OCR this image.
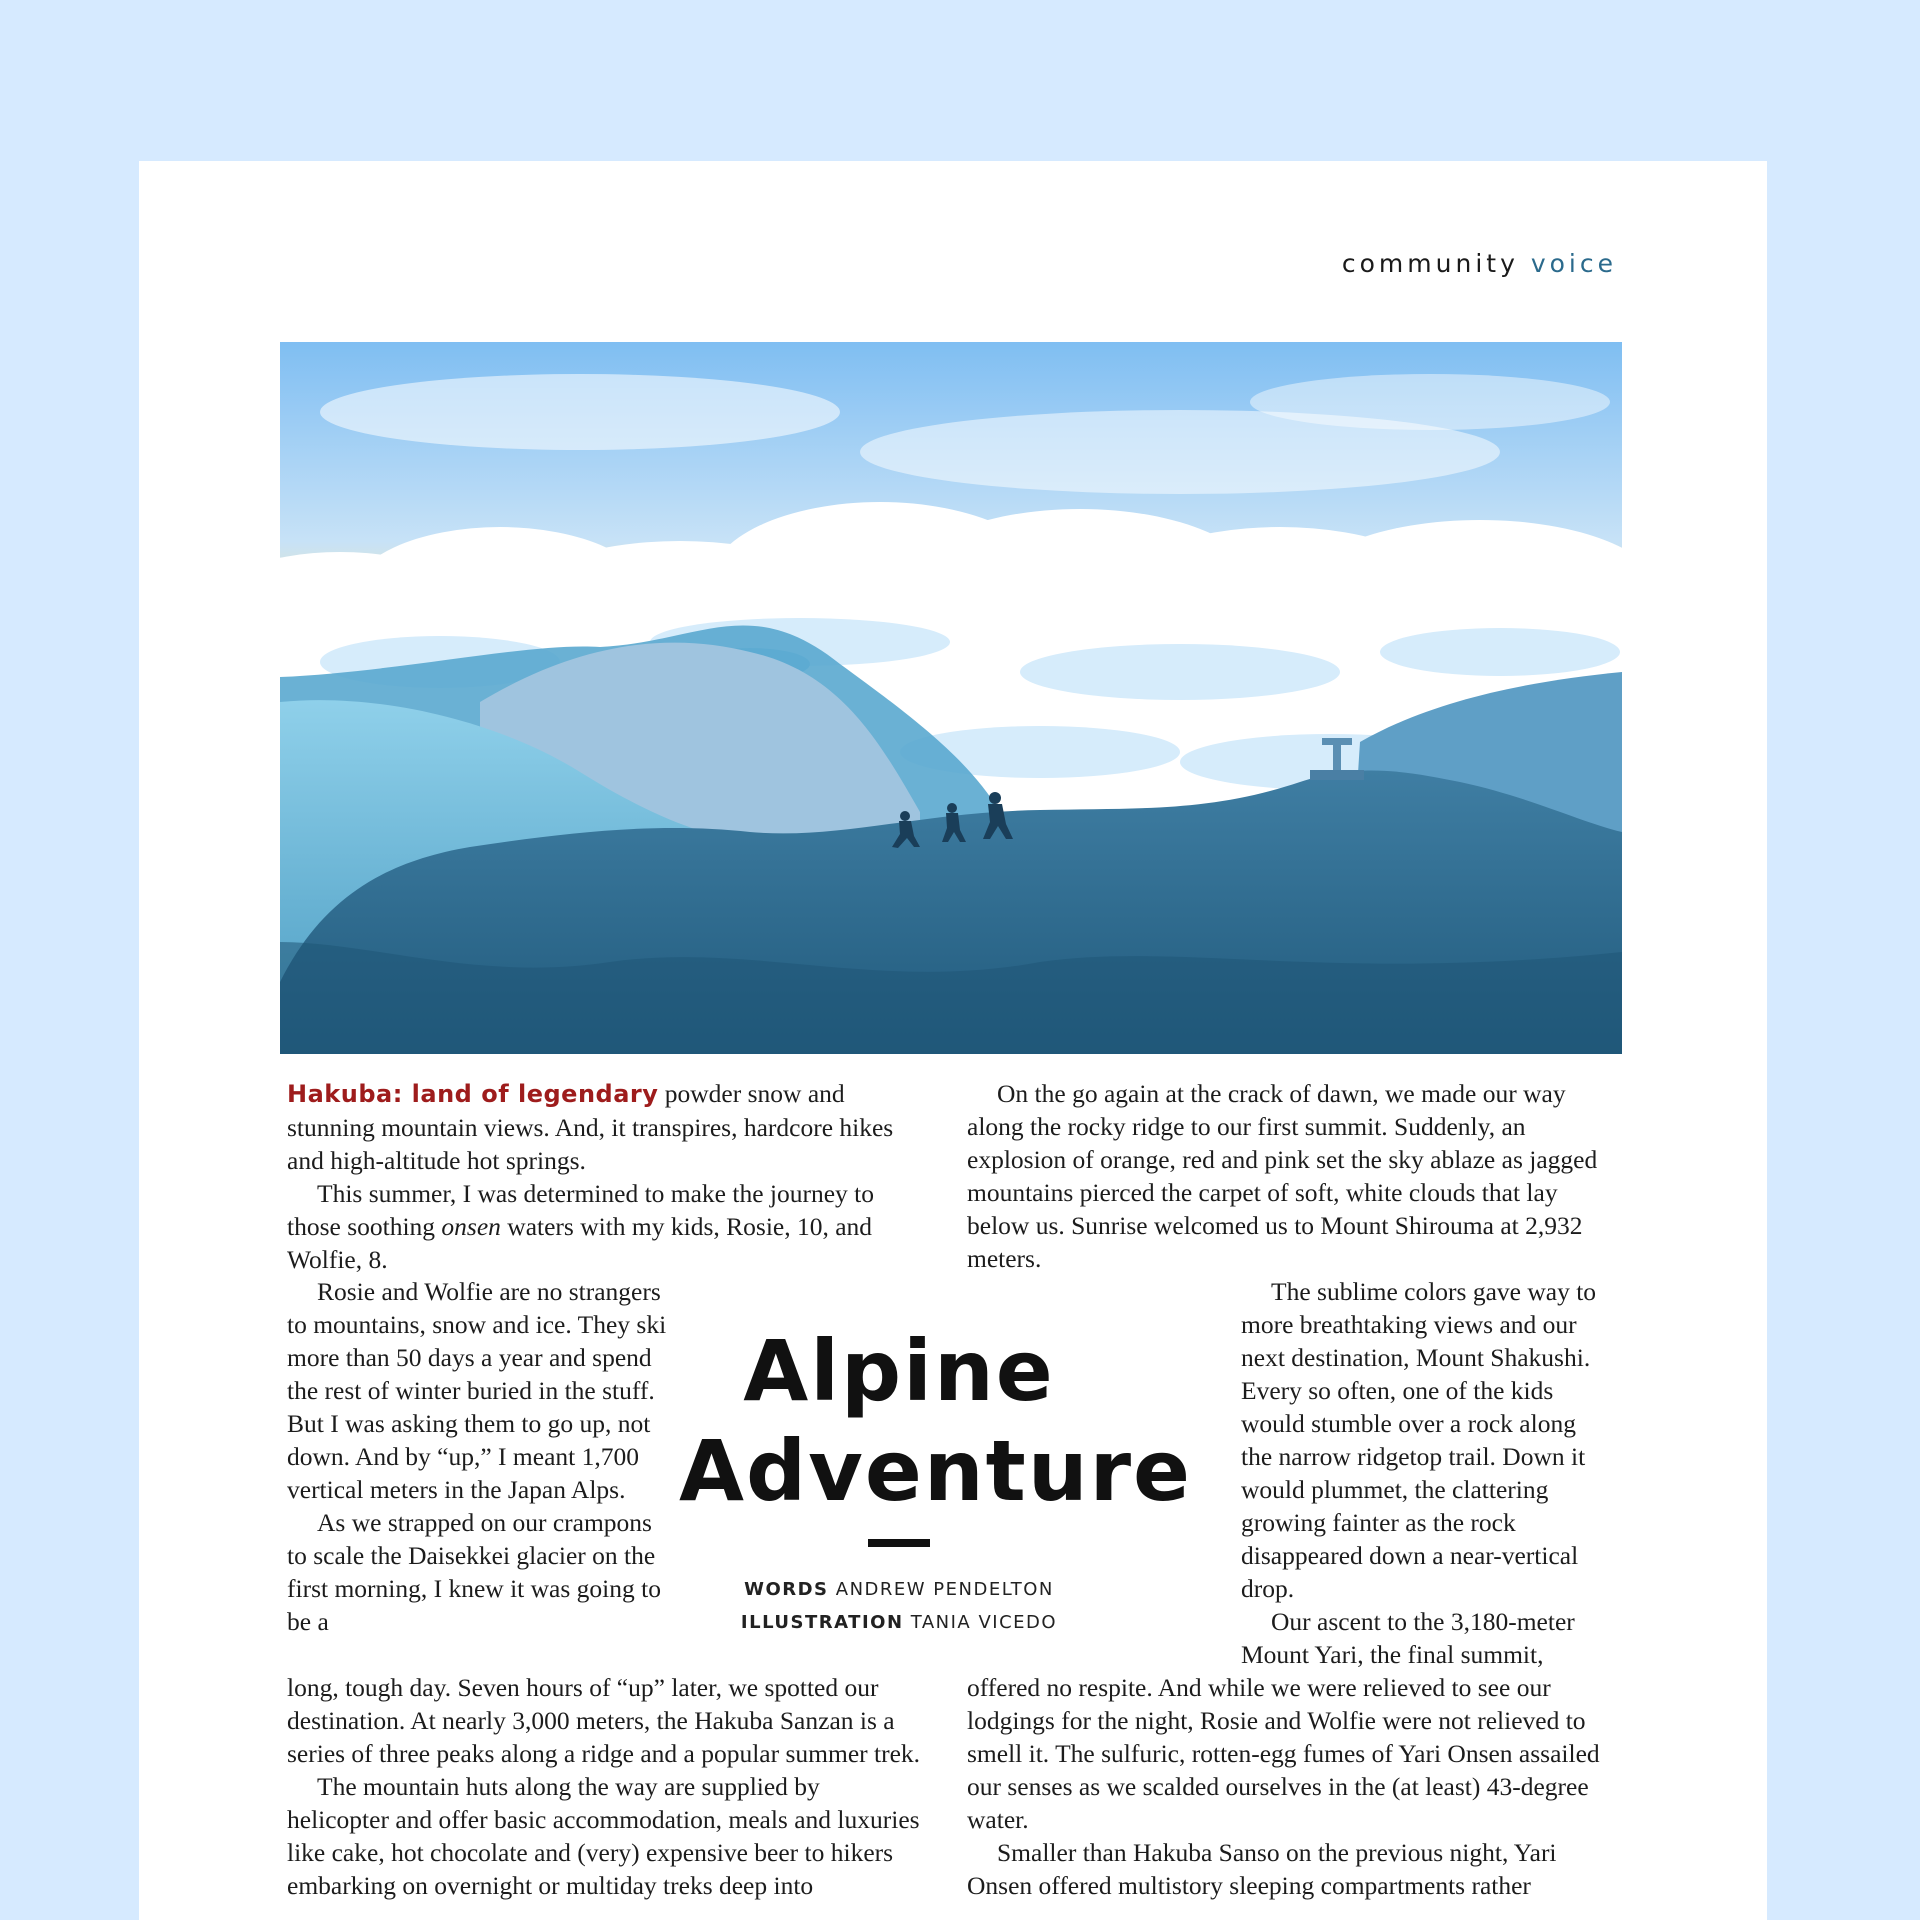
community voice

Hakuba: land of legendary powder snow and stunning mountain views. And, it transpires, hardcore hikes and high-altitude hot springs.

This summer, I was determined to make the journey to those soothing onsen waters with my kids, Rosie, 10, and Wolfie, 8.

Rosie and Wolfie are no strangers to mountains, snow and ice. They ski more than 50 days a year and spend the rest of winter buried in the stuff. But I was asking them to go up, not down. And by “up,” I meant 1,700 vertical meters in the Japan Alps.

As we strapped on our crampons to scale the Daisekkei glacier on the first morning, I knew it was going to be a

long, tough day. Seven hours of “up” later, we spotted our destination. At nearly 3,000 meters, the Hakuba Sanzan is a series of three peaks along a ridge and a popular summer trek.

The mountain huts along the way are supplied by helicopter and offer basic accommodation, meals and luxuries like cake, hot chocolate and (very) expensive beer to hikers embarking on overnight or multiday treks deep into

On the go again at the crack of dawn, we made our way along the rocky ridge to our first summit. Suddenly, an explosion of orange, red and pink set the sky ablaze as jagged mountains pierced the carpet of soft, white clouds that lay below us. Sunrise welcomed us to Mount Shirouma at 2,932 meters.

The sublime colors gave way to more breathtaking views and our next destination, Mount Shakushi. Every so often, one of the kids would stumble over a rock along the narrow ridgetop trail. Down it would plummet, the clattering growing fainter as the rock disappeared down a near-vertical drop.

Our ascent to the 3,180-meter Mount Yari, the final summit,

offered no respite. And while we were relieved to see our lodgings for the night, Rosie and Wolfie were not relieved to smell it. The sulfuric, rotten-egg fumes of Yari Onsen assailed our senses as we scalded ourselves in the (at least) 43-degree water.

Smaller than Hakuba Sanso on the previous night, Yari Onsen offered multistory sleeping compartments rather

Alpine
Adventure
WORDS ANDREW PENDELTON
ILLUSTRATION TANIA VICEDO
